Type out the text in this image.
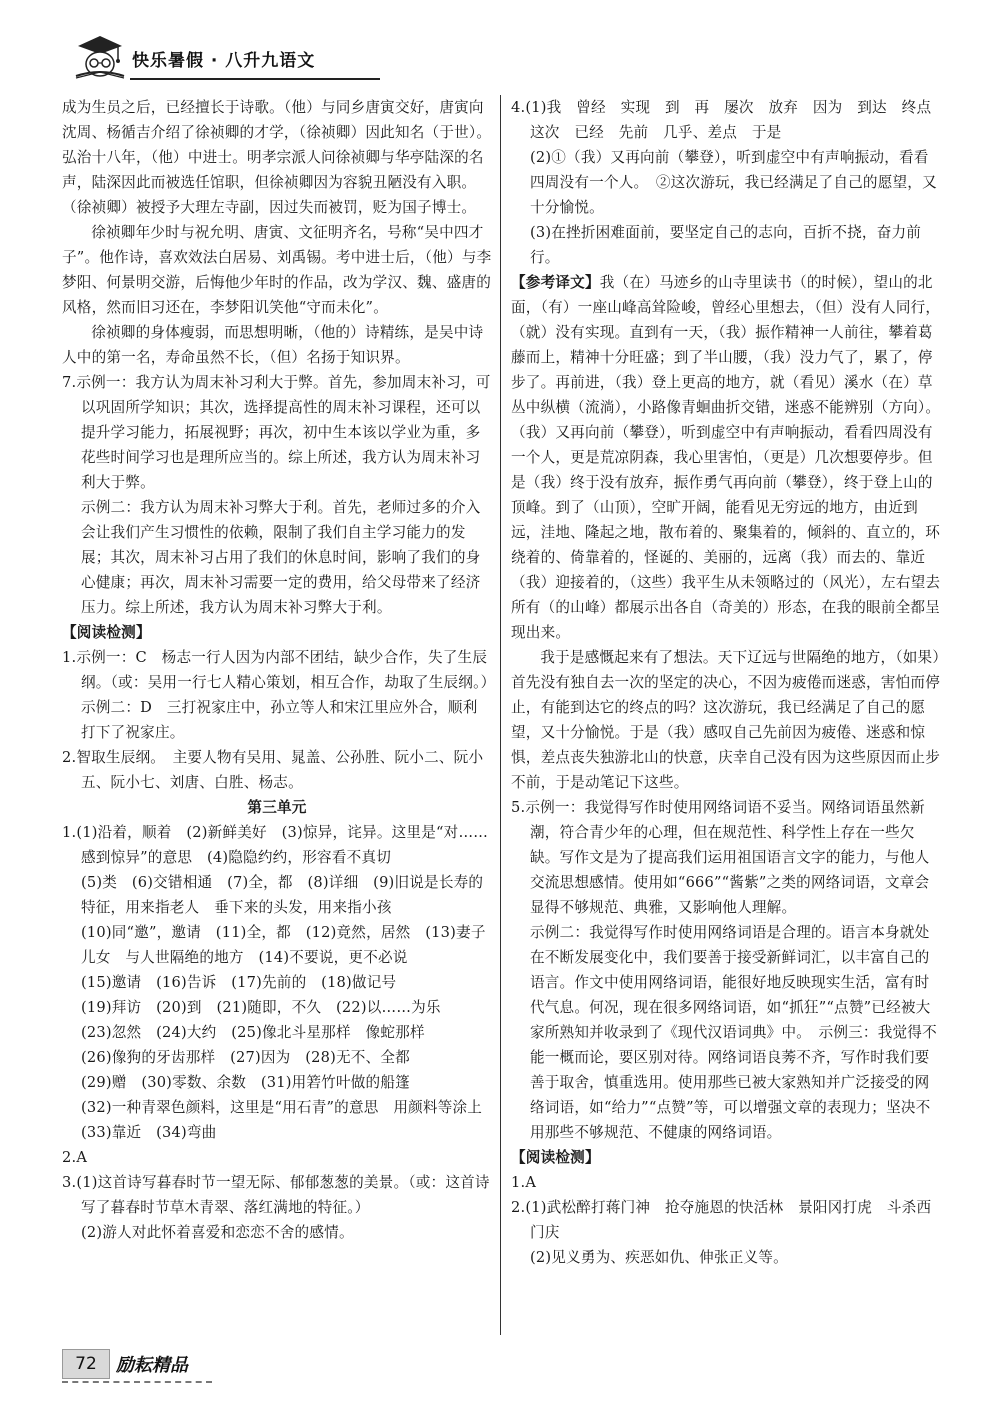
快乐暑假 · 八升九语文

成为生员之后，已经擅长于诗歌。（他）与同乡唐寅交好，唐寅向沈周、杨循吉介绍了徐祯卿的才学，（徐祯卿）因此知名（于世）。弘治十八年，（他）中进士。明孝宗派人问徐祯卿与华亭陆深的名声，陆深因此而被选任馆职，但徐祯卿因为容貌丑陋没有入职。（徐祯卿）被授予大理左寺副，因过失而被罚，贬为国子博士。

徐祯卿年少时与祝允明、唐寅、文征明齐名，号称“吴中四才子”。他作诗，喜欢效法白居易、刘禹锡。考中进士后，（他）与李梦阳、何景明交游，后悔他少年时的作品，改为学汉、魏、盛唐的风格，然而旧习还在，李梦阳讥笑他“守而未化”。

徐祯卿的身体瘦弱，而思想明晰，（他的）诗精练，是吴中诗人中的第一名，寿命虽然不长，（但）名扬于知识界。

7.示例一：我方认为周末补习利大于弊。首先，参加周末补习，可以巩固所学知识；其次，选择提高性的周末补习课程，还可以提升学习能力，拓展视野；再次，初中生本该以学业为重，多花些时间学习也是理所应当的。综上所述，我方认为周末补习利大于弊。

示例二：我方认为周末补习弊大于利。首先，老师过多的介入会让我们产生习惯性的依赖，限制了我们自主学习能力的发展；其次，周末补习占用了我们的休息时间，影响了我们的身心健康；再次，周末补习需要一定的费用，给父母带来了经济压力。综上所述，我方认为周末补习弊大于利。

【阅读检测】

1.示例一：C　杨志一行人因为内部不团结，缺少合作，失了生辰纲。（或：吴用一行七人精心策划，相互合作，劫取了生辰纲。）

示例二：D　三打祝家庄中，孙立等人和宋江里应外合，顺利打下了祝家庄。

2.智取生辰纲。　主要人物有吴用、晁盖、公孙胜、阮小二、阮小五、阮小七、刘唐、白胜、杨志。

第三单元

1.(1)沿着，顺着　(2)新鲜美好　(3)惊异，诧异。这里是“对……感到惊异”的意思　(4)隐隐约约，形容看不真切

(5)类　(6)交错相通　(7)全，都　(8)详细　(9)旧说是长寿的特征，用来指老人　垂下来的头发，用来指小孩

(10)同“邀”，邀请　(11)全，都　(12)竟然，居然　(13)妻子儿女　与人世隔绝的地方　(14)不要说，更不必说

(15)邀请　(16)告诉　(17)先前的　(18)做记号

(19)拜访　(20)到　(21)随即，不久　(22)以……为乐

(23)忽然　(24)大约　(25)像北斗星那样　像蛇那样

(26)像狗的牙齿那样　(27)因为　(28)无不、全都

(29)赠　(30)零数、余数　(31)用箬竹叶做的船篷

(32)一种青翠色颜料，这里是“用石青”的意思　用颜料等涂上　(33)靠近　(34)弯曲

2.A

3.(1)这首诗写暮春时节一望无际、郁郁葱葱的美景。（或：这首诗写了暮春时节草木青翠、落红满地的特征。）

(2)游人对此怀着喜爱和恋恋不舍的感情。

4.(1)我　曾经　实现　到　再　屡次　放弃　因为　到达　终点　这次　已经　先前　几乎、差点　于是

(2)①（我）又再向前（攀登），听到虚空中有声响振动，看看四周没有一个人。　②这次游玩，我已经满足了自己的愿望，又十分愉悦。

(3)在挫折困难面前，要坚定自己的志向，百折不挠，奋力前行。

【参考译文】我（在）马迹乡的山寺里读书（的时候），望山的北面，（有）一座山峰高耸险峻，曾经心里想去，（但）没有人同行，（就）没有实现。直到有一天，（我）振作精神一人前往，攀着葛藤而上，精神十分旺盛；到了半山腰，（我）没力气了，累了，停步了。再前进，（我）登上更高的地方，就（看见）溪水（在）草丛中纵横（流淌），小路像青蛔曲折交错，迷惑不能辨别（方向）。（我）又再向前（攀登），听到虚空中有声响振动，看看四周没有一个人，更是荒凉阴森，我心里害怕，（更是）几次想要停步。但是（我）终于没有放弃，振作勇气再向前（攀登），终于登上山的顶峰。到了（山顶），空旷开阔，能看见无穷远的地方，由近到远，洼地、隆起之地，散布着的、聚集着的，倾斜的、直立的，环绕着的、倚靠着的，怪诞的、美丽的，远离（我）而去的、靠近（我）迎接着的，（这些）我平生从未领略过的（风光），左右望去所有（的山峰）都展示出各自（奇美的）形态，在我的眼前全都呈现出来。

我于是感慨起来有了想法。天下辽远与世隔绝的地方，（如果）首先没有独自去一次的坚定的决心，不因为疲倦而迷惑，害怕而停止，有能到达它的终点的吗？这次游玩，我已经满足了自己的愿望，又十分愉悦。于是（我）感叹自己先前因为疲倦、迷惑和惊惧，差点丧失独游北山的快意，庆幸自己没有因为这些原因而止步不前，于是动笔记下这些。

5.示例一：我觉得写作时使用网络词语不妥当。网络词语虽然新潮，符合青少年的心理，但在规范性、科学性上存在一些欠缺。写作文是为了提高我们运用祖国语言文字的能力，与他人交流思想感情。使用如“666”“酱紫”之类的网络词语，文章会显得不够规范、典雅，又影响他人理解。

示例二：我觉得写作时使用网络词语是合理的。语言本身就处在不断发展变化中，我们要善于接受新鲜词汇，以丰富自己的语言。作文中使用网络词语，能很好地反映现实生活，富有时代气息。何况，现在很多网络词语，如“抓狂”“点赞”已经被大家所熟知并收录到了《现代汉语词典》中。　示例三：我觉得不能一概而论，要区别对待。网络词语良莠不齐，写作时我们要善于取舍，慎重选用。使用那些已被大家熟知并广泛接受的网络词语，如“给力”“点赞”等，可以增强文章的表现力；坚决不用那些不够规范、不健康的网络词语。

【阅读检测】

1.A

2.(1)武松醉打蒋门神　抢夺施恩的快活林　景阳冈打虎　斗杀西门庆

(2)见义勇为、疾恶如仇、伸张正义等。

72	励耘精品
